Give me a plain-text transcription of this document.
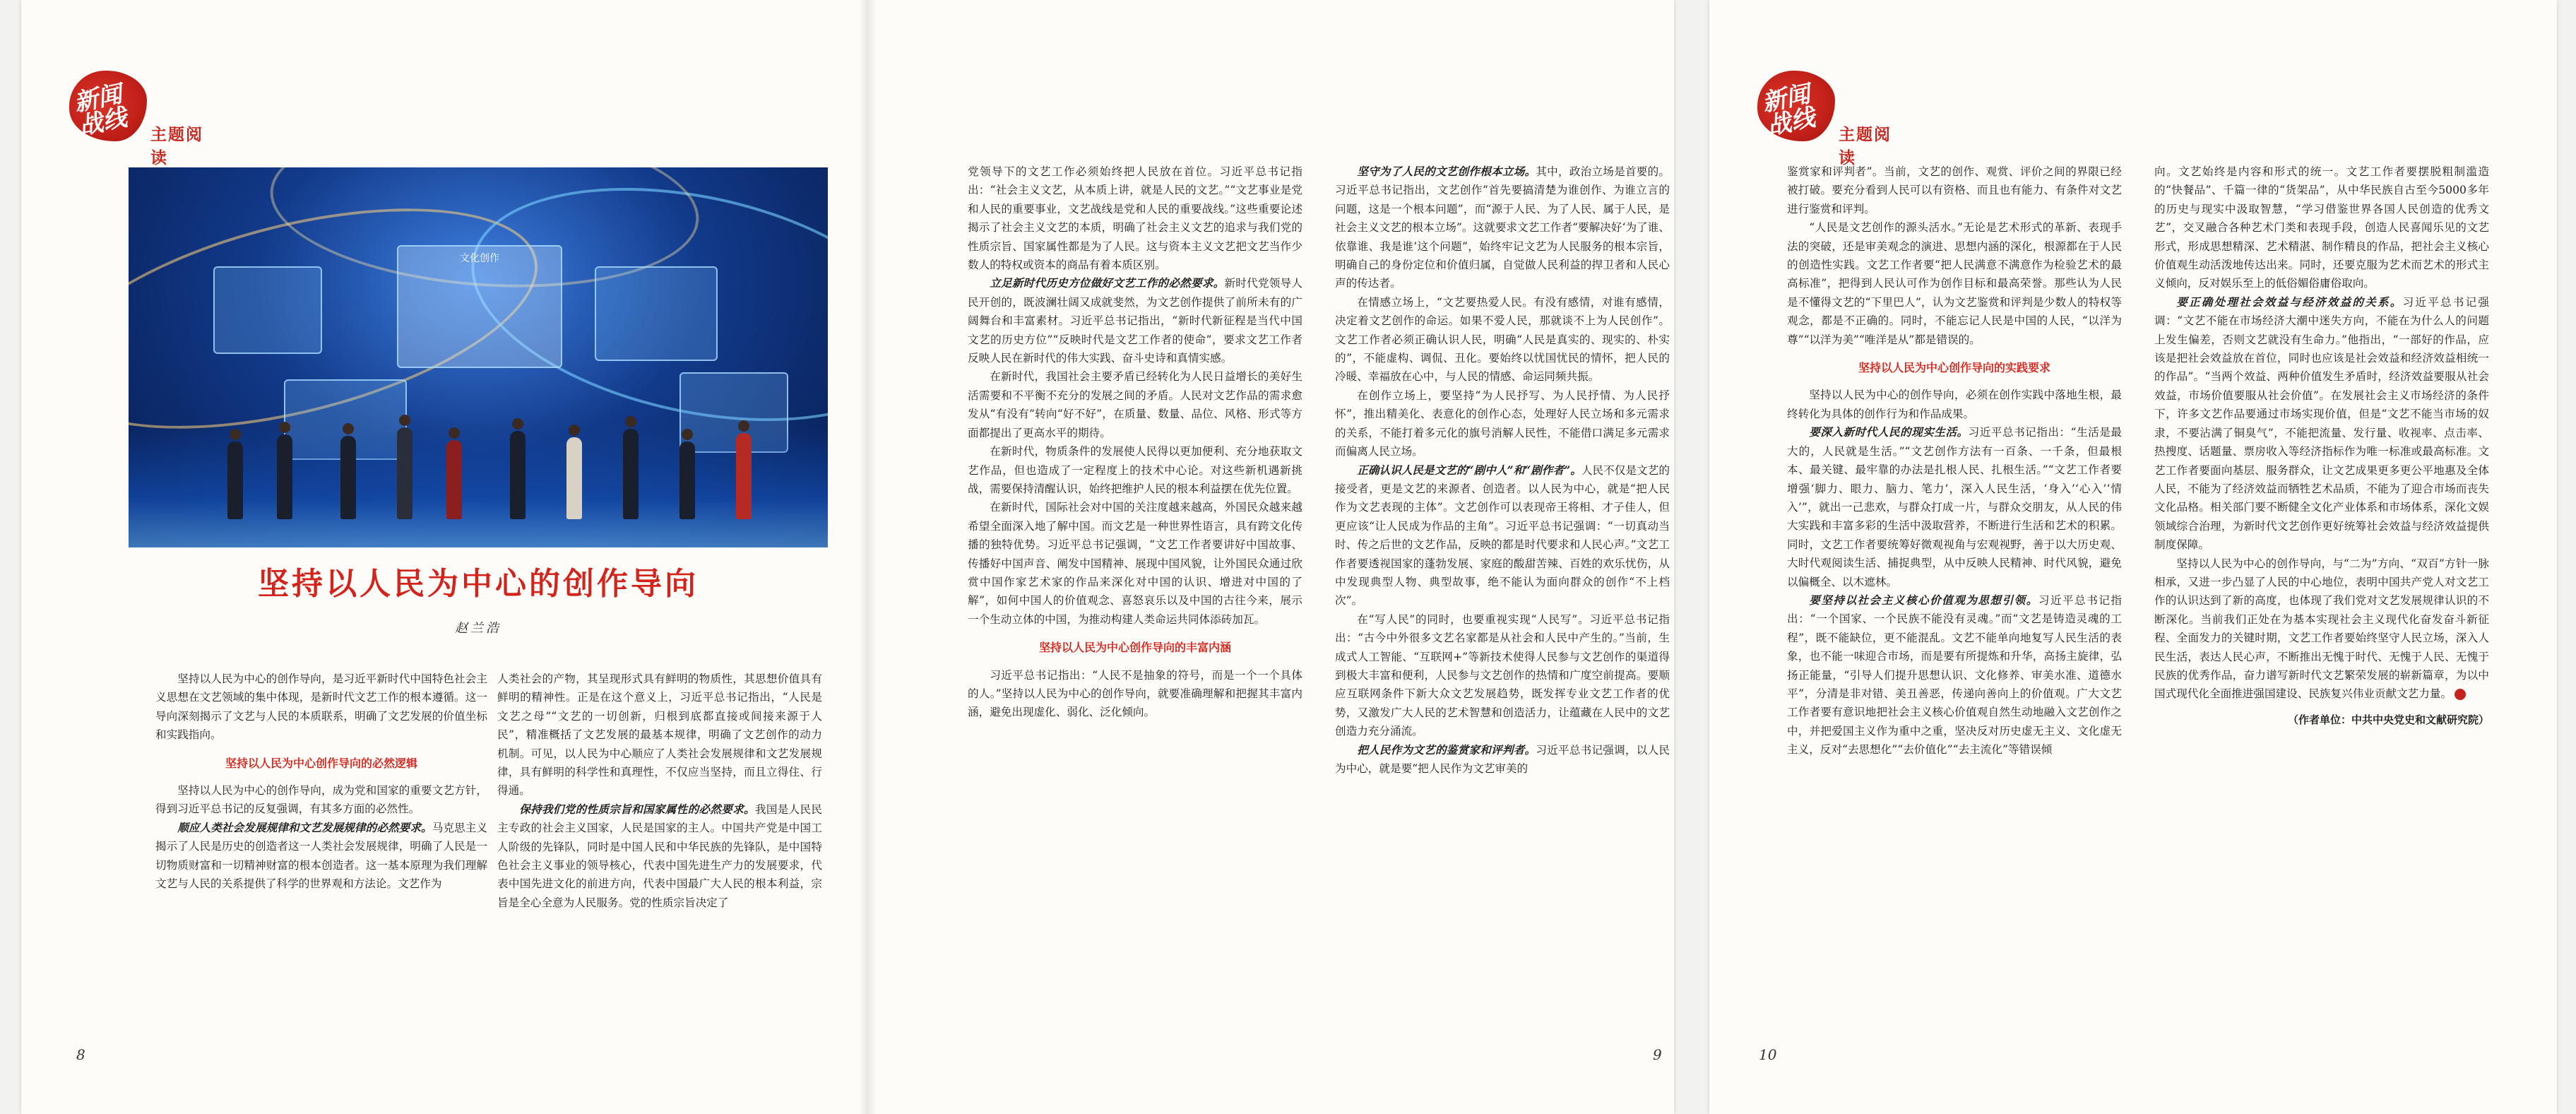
新闻战线	主题阅读
文化创作
坚持以人民为中心的创作导向
赵兰浩

坚持以人民为中心的创作导向，是习近平新时代中国特色社会主义思想在文艺领域的集中体现，是新时代文艺工作的根本遵循。这一导向深刻揭示了文艺与人民的本质联系，明确了文艺发展的价值坐标和实践指向。

坚持以人民为中心创作导向的必然逻辑

坚持以人民为中心的创作导向，成为党和国家的重要文艺方针，得到习近平总书记的反复强调，有其多方面的必然性。

顺应人类社会发展规律和文艺发展规律的必然要求。马克思主义揭示了人民是历史的创造者这一人类社会发展规律，明确了人民是一切物质财富和一切精神财富的根本创造者。这一基本原理为我们理解文艺与人民的关系提供了科学的世界观和方法论。文艺作为

人类社会的产物，其呈现形式具有鲜明的物质性，其思想价值具有鲜明的精神性。正是在这个意义上，习近平总书记指出，“人民是文艺之母”“文艺的一切创新，归根到底都直接或间接来源于人民”，精准概括了文艺发展的最基本规律，明确了文艺创作的动力机制。可见，以人民为中心顺应了人类社会发展规律和文艺发展规律，具有鲜明的科学性和真理性，不仅应当坚持，而且立得住、行得通。

保持我们党的性质宗旨和国家属性的必然要求。我国是人民民主专政的社会主义国家，人民是国家的主人。中国共产党是中国工人阶级的先锋队，同时是中国人民和中华民族的先锋队，是中国特色社会主义事业的领导核心，代表中国先进生产力的发展要求，代表中国先进文化的前进方向，代表中国最广大人民的根本利益，宗旨是全心全意为人民服务。党的性质宗旨决定了

党领导下的文艺工作必须始终把人民放在首位。习近平总书记指出：“社会主义文艺，从本质上讲，就是人民的文艺。”“文艺事业是党和人民的重要事业，文艺战线是党和人民的重要战线。”这些重要论述揭示了社会主义文艺的本质，明确了社会主义文艺的追求与我们党的性质宗旨、国家属性都是为了人民。这与资本主义文艺把文艺当作少数人的特权或资本的商品有着本质区别。

立足新时代历史方位做好文艺工作的必然要求。新时代党领导人民开创的，既波澜壮阔又成就斐然，为文艺创作提供了前所未有的广阔舞台和丰富素材。习近平总书记指出，“新时代新征程是当代中国文艺的历史方位”“反映时代是文艺工作者的使命”，要求文艺工作者反映人民在新时代的伟大实践、奋斗史诗和真情实感。

在新时代，我国社会主要矛盾已经转化为人民日益增长的美好生活需要和不平衡不充分的发展之间的矛盾。人民对文艺作品的需求愈发从“有没有”转向“好不好”，在质量、数量、品位、风格、形式等方面都提出了更高水平的期待。

在新时代，物质条件的发展使人民得以更加便利、充分地获取文艺作品，但也造成了一定程度上的技术中心论。对这些新机遇新挑战，需要保持清醒认识，始终把维护人民的根本利益摆在优先位置。

在新时代，国际社会对中国的关注度越来越高，外国民众越来越希望全面深入地了解中国。而文艺是一种世界性语言，具有跨文化传播的独特优势。习近平总书记强调，“文艺工作者要讲好中国故事、传播好中国声音、阐发中国精神、展现中国风貌，让外国民众通过欣赏中国作家艺术家的作品来深化对中国的认识、增进对中国的了解”，如何中国人的价值观念、喜怒哀乐以及中国的古往今来，展示一个生动立体的中国，为推动构建人类命运共同体添砖加瓦。

坚持以人民为中心创作导向的丰富内涵

习近平总书记指出：“人民不是抽象的符号，而是一个一个具体的人。”坚持以人民为中心的创作导向，就要准确理解和把握其丰富内涵，避免出现虚化、弱化、泛化倾向。

坚守为了人民的文艺创作根本立场。其中，政治立场是首要的。习近平总书记指出，文艺创作“首先要搞清楚为谁创作、为谁立言的问题，这是一个根本问题”，而“源于人民、为了人民、属于人民，是社会主义文艺的根本立场”。这就要求文艺工作者“要解决好‘为了谁、依靠谁、我是谁’这个问题”，始终牢记文艺为人民服务的根本宗旨，明确自己的身份定位和价值归属，自觉做人民利益的捍卫者和人民心声的传达者。

在情感立场上，“文艺要热爱人民。有没有感情，对谁有感情，决定着文艺创作的命运。如果不爱人民，那就谈不上为人民创作”。文艺工作者必须正确认识人民，明确“人民是真实的、现实的、朴实的”，不能虚构、调侃、丑化。要始终以忧国忧民的情怀，把人民的冷暖、幸福放在心中，与人民的情感、命运同频共振。

在创作立场上，要坚持“为人民抒写、为人民抒情、为人民抒怀”，推出精美化、表意化的创作心态，处理好人民立场和多元需求的关系，不能打着多元化的旗号消解人民性，不能借口满足多元需求而偏离人民立场。

正确认识人民是文艺的“剧中人”和“剧作者”。人民不仅是文艺的接受者，更是文艺的来源者、创造者。以人民为中心，就是“把人民作为文艺表现的主体”。文艺创作可以表现帝王将相、才子佳人，但更应该“让人民成为作品的主角”。习近平总书记强调：“一切真动当时、传之后世的文艺作品，反映的都是时代要求和人民心声。”文艺工作者要透视国家的蓬勃发展、家庭的酸甜苦辣、百姓的欢乐忧伤，从中发现典型人物、典型故事，绝不能认为面向群众的创作“不上档次”。

在“写人民”的同时，也要重视实现“人民写”。习近平总书记指出：“古今中外很多文艺名家都是从社会和人民中产生的。”当前，生成式人工智能、“互联网+”等新技术使得人民参与文艺创作的渠道得到极大丰富和便利，人民参与文艺创作的热情和广度空前提高。要顺应互联网条件下新大众文艺发展趋势，既发挥专业文艺工作者的优势，又激发广大人民的艺术智慧和创造活力，让蕴藏在人民中的文艺创造力充分涌流。

把人民作为文艺的鉴赏家和评判者。习近平总书记强调，以人民为中心，就是要“把人民作为文艺审美的

8	9
新闻战线	主题阅读

鉴赏家和评判者”。当前，文艺的创作、观赏、评价之间的界限已经被打破。要充分看到人民可以有资格、而且也有能力、有条件对文艺进行鉴赏和评判。

“人民是文艺创作的源头活水。”无论是艺术形式的革新、表现手法的突破，还是审美观念的演进、思想内涵的深化，根源都在于人民的创造性实践。文艺工作者要“把人民满意不满意作为检验艺术的最高标准”，把得到人民认可作为创作目标和最高荣誉。那些认为人民是不懂得文艺的“下里巴人”，认为文艺鉴赏和评判是少数人的特权等观念，都是不正确的。同时，不能忘记人民是中国的人民，“以洋为尊”“以洋为美”“唯洋是从”都是错误的。

坚持以人民为中心创作导向的实践要求

坚持以人民为中心的创作导向，必须在创作实践中落地生根，最终转化为具体的创作行为和作品成果。

要深入新时代人民的现实生活。习近平总书记指出：“生活是最大的，人民就是生活。”“文艺创作方法有一百条、一千条，但最根本、最关键、最牢靠的办法是扎根人民、扎根生活。”“文艺工作者要增强‘脚力、眼力、脑力、笔力’，深入人民生活，‘身入’‘心入’‘情入’”，就出一己悲欢，与群众打成一片，与群众交朋友，从人民的伟大实践和丰富多彩的生活中汲取营养，不断进行生活和艺术的积累。同时，文艺工作者要统筹好微观视角与宏观视野，善于以大历史观、大时代观阅读生活、捕捉典型，从中反映人民精神、时代风貌，避免以偏概全、以木遮林。

要坚持以社会主义核心价值观为思想引领。习近平总书记指出：“一个国家、一个民族不能没有灵魂。”而“文艺是铸造灵魂的工程”，既不能缺位，更不能混乱。文艺不能单向地复写人民生活的表象，也不能一味迎合市场，而是要有所提炼和升华，高扬主旋律，弘扬正能量，“引导人们提升思想认识、文化修养、审美水准、道德水平”，分清是非对错、美丑善恶，传递向善向上的价值观。广大文艺工作者要有意识地把社会主义核心价值观自然生动地融入文艺创作之中，并把爱国主义作为重中之重，坚决反对历史虚无主义、文化虚无主义，反对“去思想化”“去价值化”“去主流化”等错误倾

向。文艺始终是内容和形式的统一。文艺工作者要摆脱粗制滥造的“快餐品”、千篇一律的“货架品”，从中华民族自古至今5000多年的历史与现实中汲取智慧，“学习借鉴世界各国人民创造的优秀文艺”，交叉融合各种艺术门类和表现手段，创造人民喜闻乐见的文艺形式，形成思想精深、艺术精湛、制作精良的作品，把社会主义核心价值观生动活泼地传达出来。同时，还要克服为艺术而艺术的形式主义倾向，反对娱乐至上的低俗媚俗庸俗取向。

要正确处理社会效益与经济效益的关系。习近平总书记强调：“文艺不能在市场经济大潮中迷失方向，不能在为什么人的问题上发生偏差，否则文艺就没有生命力。”他指出，“一部好的作品，应该是把社会效益放在首位，同时也应该是社会效益和经济效益相统一的作品”。“当两个效益、两种价值发生矛盾时，经济效益要服从社会效益，市场价值要服从社会价值”。在发展社会主义市场经济的条件下，许多文艺作品要通过市场实现价值，但是“文艺不能当市场的奴隶，不要沾满了铜臭气”，不能把流量、发行量、收视率、点击率、热搜度、话题量、票房收入等经济指标作为唯一标准或最高标准。文艺工作者要面向基层、服务群众，让文艺成果更多更公平地惠及全体人民，不能为了经济效益而牺牲艺术品质，不能为了迎合市场而丧失文化品格。相关部门要不断健全文化产业体系和市场体系，深化文娱领域综合治理，为新时代文艺创作更好统筹社会效益与经济效益提供制度保障。

坚持以人民为中心的创作导向，与“二为”方向、“双百”方针一脉相承，又进一步凸显了人民的中心地位，表明中国共产党人对文艺工作的认识达到了新的高度，也体现了我们党对文艺发展规律认识的不断深化。当前我们正处在为基本实现社会主义现代化奋发奋斗新征程、全面发力的关键时期，文艺工作者要始终坚守人民立场，深入人民生活，表达人民心声，不断推出无愧于时代、无愧于人民、无愧于民族的优秀作品，奋力谱写新时代文艺繁荣发展的崭新篇章，为以中国式现代化全面推进强国建设、民族复兴伟业贡献文艺力量。

（作者单位：中共中央党史和文献研究院）
10
